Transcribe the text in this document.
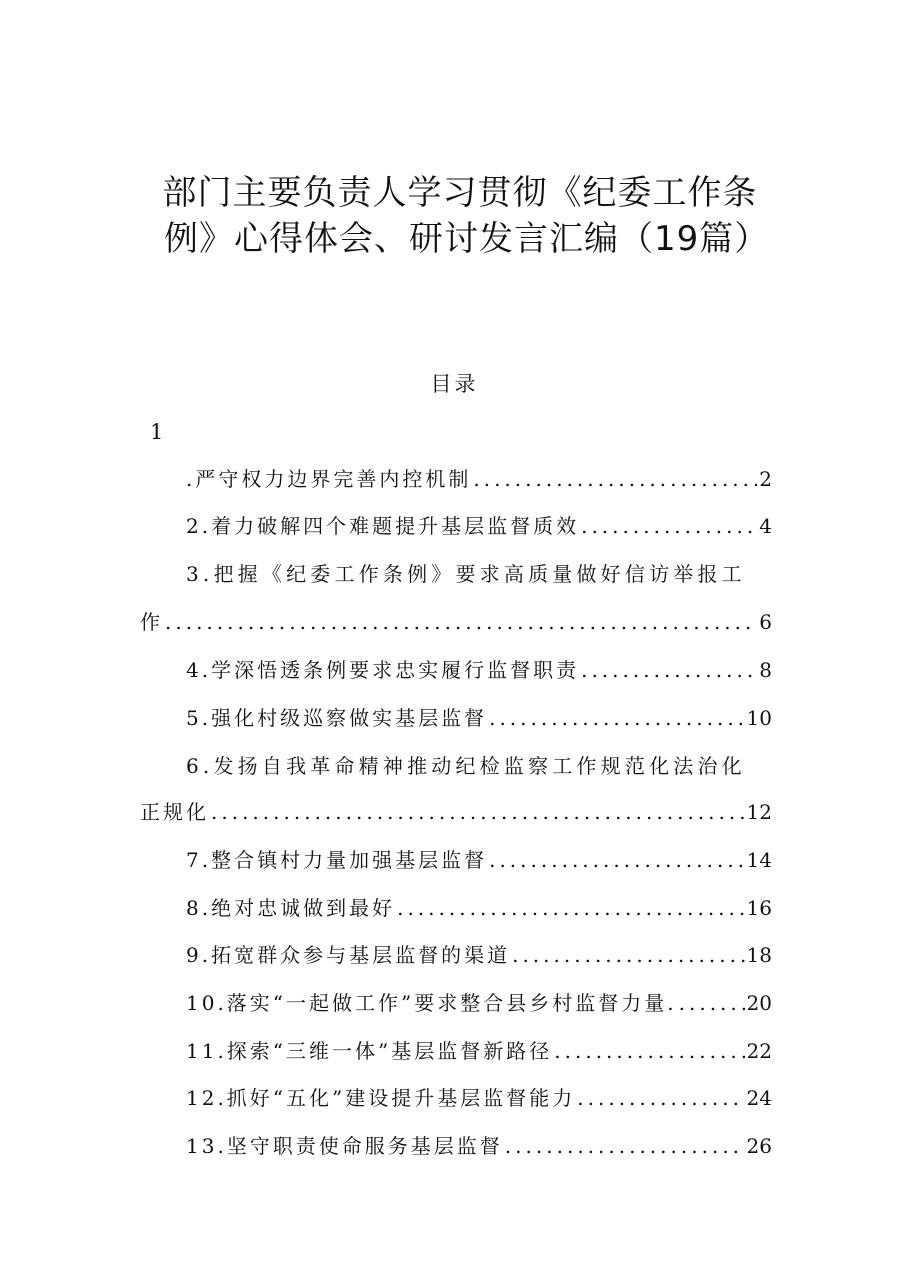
部门主要负责人学习贯彻《纪委工作条
例》心得体会、研讨发言汇编（19篇）
目录
1
.严守权力边界完善内控机制 .....	2
2.着力破解四个难题提升基层监督质效 .....	4
3.把握《纪委工作条例》要求高质量做好信访举报工
作 .....	6
4.学深悟透条例要求忠实履行监督职责 .....	8
5.强化村级巡察做实基层监督 .....	10
6.发扬自我革命精神推动纪检监察工作规范化法治化
正规化 .....	12
7.整合镇村力量加强基层监督 .....	14
8.绝对忠诚做到最好 .....	16
9.拓宽群众参与基层监督的渠道 .....	18
10.落实“一起做工作”要求整合县乡村监督力量. .....	20
11.探索“三维一体”基层监督新路径 .....	22
12.抓好“五化”建设提升基层监督能力 .....	24
13.坚守职责使命服务基层监督 .....	26
